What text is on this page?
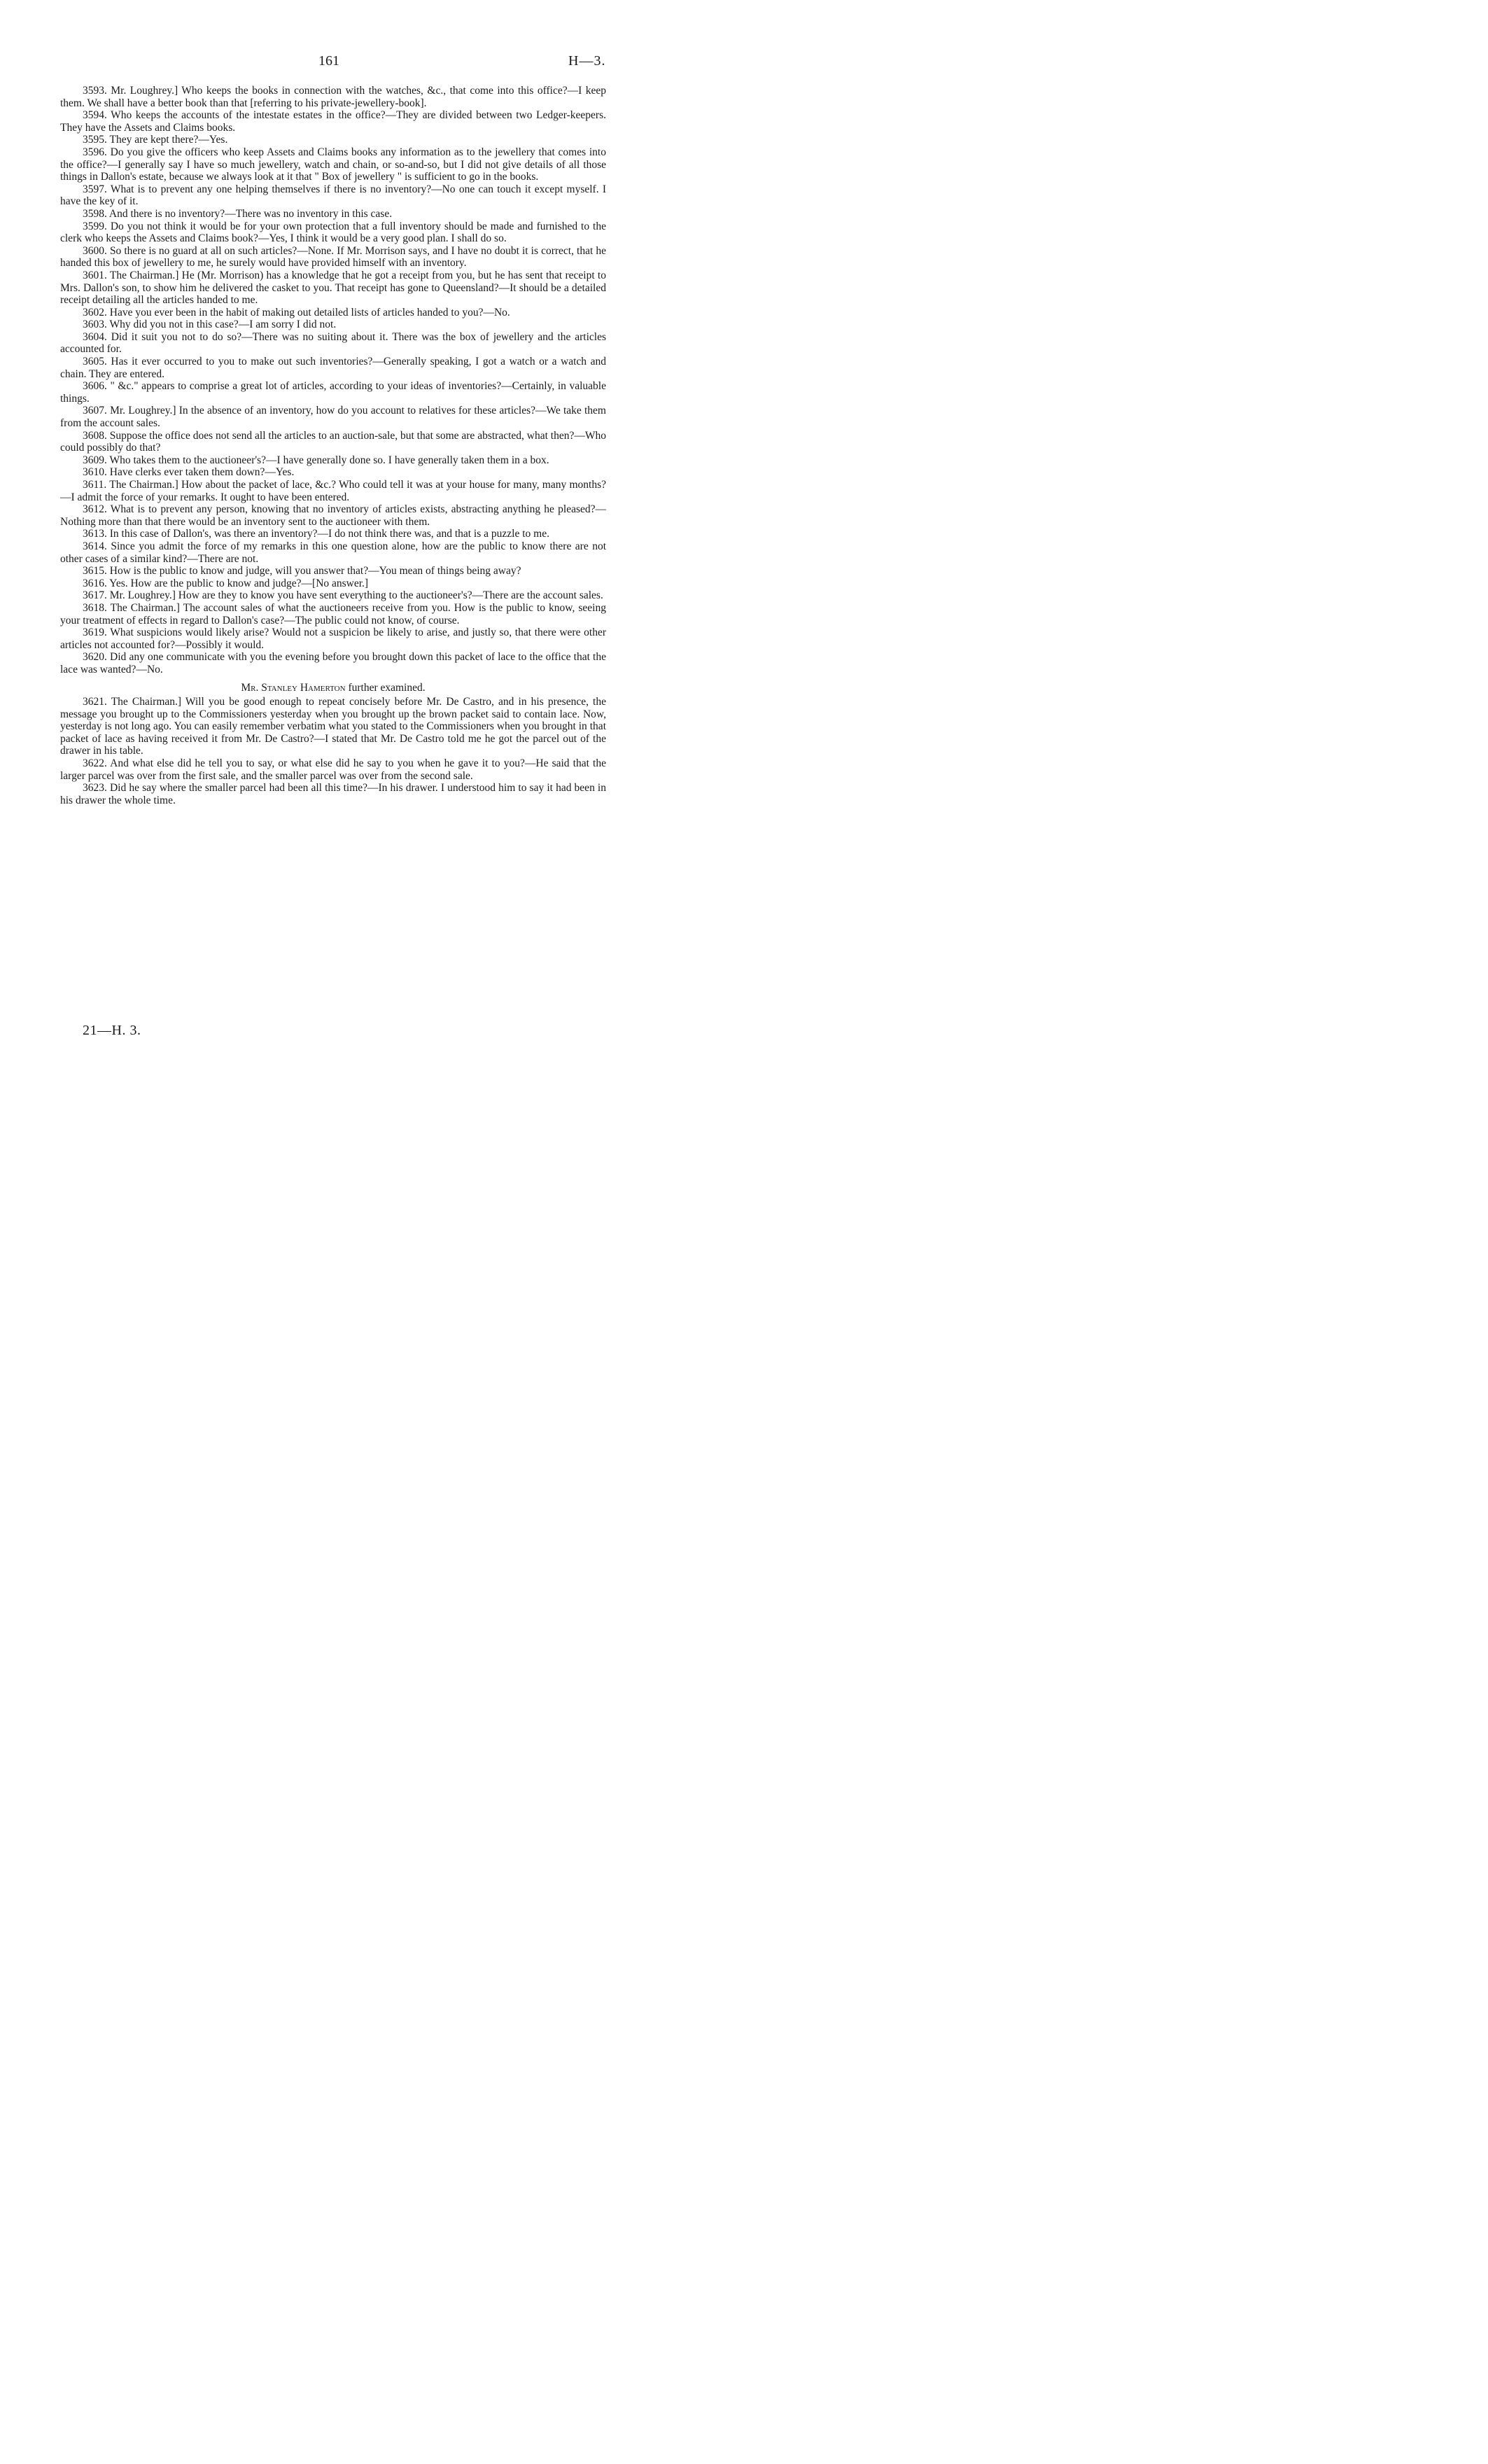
161	H—3.

3593. Mr. Loughrey.] Who keeps the books in connection with the watches, &c., that come into this office?—I keep them. We shall have a better book than that [referring to his private-jewellery-book].

3594. Who keeps the accounts of the intestate estates in the office?—They are divided between two Ledger-keepers. They have the Assets and Claims books.

3595. They are kept there?—Yes.

3596. Do you give the officers who keep Assets and Claims books any information as to the jewellery that comes into the office?—I generally say I have so much jewellery, watch and chain, or so-and-so, but I did not give details of all those things in Dallon's estate, because we always look at it that " Box of jewellery " is sufficient to go in the books.

3597. What is to prevent any one helping themselves if there is no inventory?—No one can touch it except myself. I have the key of it.

3598. And there is no inventory?—There was no inventory in this case.

3599. Do you not think it would be for your own protection that a full inventory should be made and furnished to the clerk who keeps the Assets and Claims book?—Yes, I think it would be a very good plan. I shall do so.

3600. So there is no guard at all on such articles?—None. If Mr. Morrison says, and I have no doubt it is correct, that he handed this box of jewellery to me, he surely would have provided himself with an inventory.

3601. The Chairman.] He (Mr. Morrison) has a knowledge that he got a receipt from you, but he has sent that receipt to Mrs. Dallon's son, to show him he delivered the casket to you. That receipt has gone to Queensland?—It should be a detailed receipt detailing all the articles handed to me.

3602. Have you ever been in the habit of making out detailed lists of articles handed to you?—No.

3603. Why did you not in this case?—I am sorry I did not.

3604. Did it suit you not to do so?—There was no suiting about it. There was the box of jewellery and the articles accounted for.

3605. Has it ever occurred to you to make out such inventories?—Generally speaking, I got a watch or a watch and chain. They are entered.

3606. " &c." appears to comprise a great lot of articles, according to your ideas of inventories?—Certainly, in valuable things.

3607. Mr. Loughrey.] In the absence of an inventory, how do you account to relatives for these articles?—We take them from the account sales.

3608. Suppose the office does not send all the articles to an auction-sale, but that some are abstracted, what then?—Who could possibly do that?

3609. Who takes them to the auctioneer's?—I have generally done so. I have generally taken them in a box.

3610. Have clerks ever taken them down?—Yes.

3611. The Chairman.] How about the packet of lace, &c.? Who could tell it was at your house for many, many months?—I admit the force of your remarks. It ought to have been entered.

3612. What is to prevent any person, knowing that no inventory of articles exists, abstracting anything he pleased?—Nothing more than that there would be an inventory sent to the auctioneer with them.

3613. In this case of Dallon's, was there an inventory?—I do not think there was, and that is a puzzle to me.

3614. Since you admit the force of my remarks in this one question alone, how are the public to know there are not other cases of a similar kind?—There are not.

3615. How is the public to know and judge, will you answer that?—You mean of things being away?

3616. Yes. How are the public to know and judge?—[No answer.]

3617. Mr. Loughrey.] How are they to know you have sent everything to the auctioneer's?—There are the account sales.

3618. The Chairman.] The account sales of what the auctioneers receive from you. How is the public to know, seeing your treatment of effects in regard to Dallon's case?—The public could not know, of course.

3619. What suspicions would likely arise? Would not a suspicion be likely to arise, and justly so, that there were other articles not accounted for?—Possibly it would.

3620. Did any one communicate with you the evening before you brought down this packet of lace to the office that the lace was wanted?—No.

Mr. Stanley Hamerton further examined.

3621. The Chairman.] Will you be good enough to repeat concisely before Mr. De Castro, and in his presence, the message you brought up to the Commissioners yesterday when you brought up the brown packet said to contain lace. Now, yesterday is not long ago. You can easily remember verbatim what you stated to the Commissioners when you brought in that packet of lace as having received it from Mr. De Castro?—I stated that Mr. De Castro told me he got the parcel out of the drawer in his table.

3622. And what else did he tell you to say, or what else did he say to you when he gave it to you?—He said that the larger parcel was over from the first sale, and the smaller parcel was over from the second sale.

3623. Did he say where the smaller parcel had been all this time?—In his drawer. I understood him to say it had been in his drawer the whole time.

21—H. 3.
